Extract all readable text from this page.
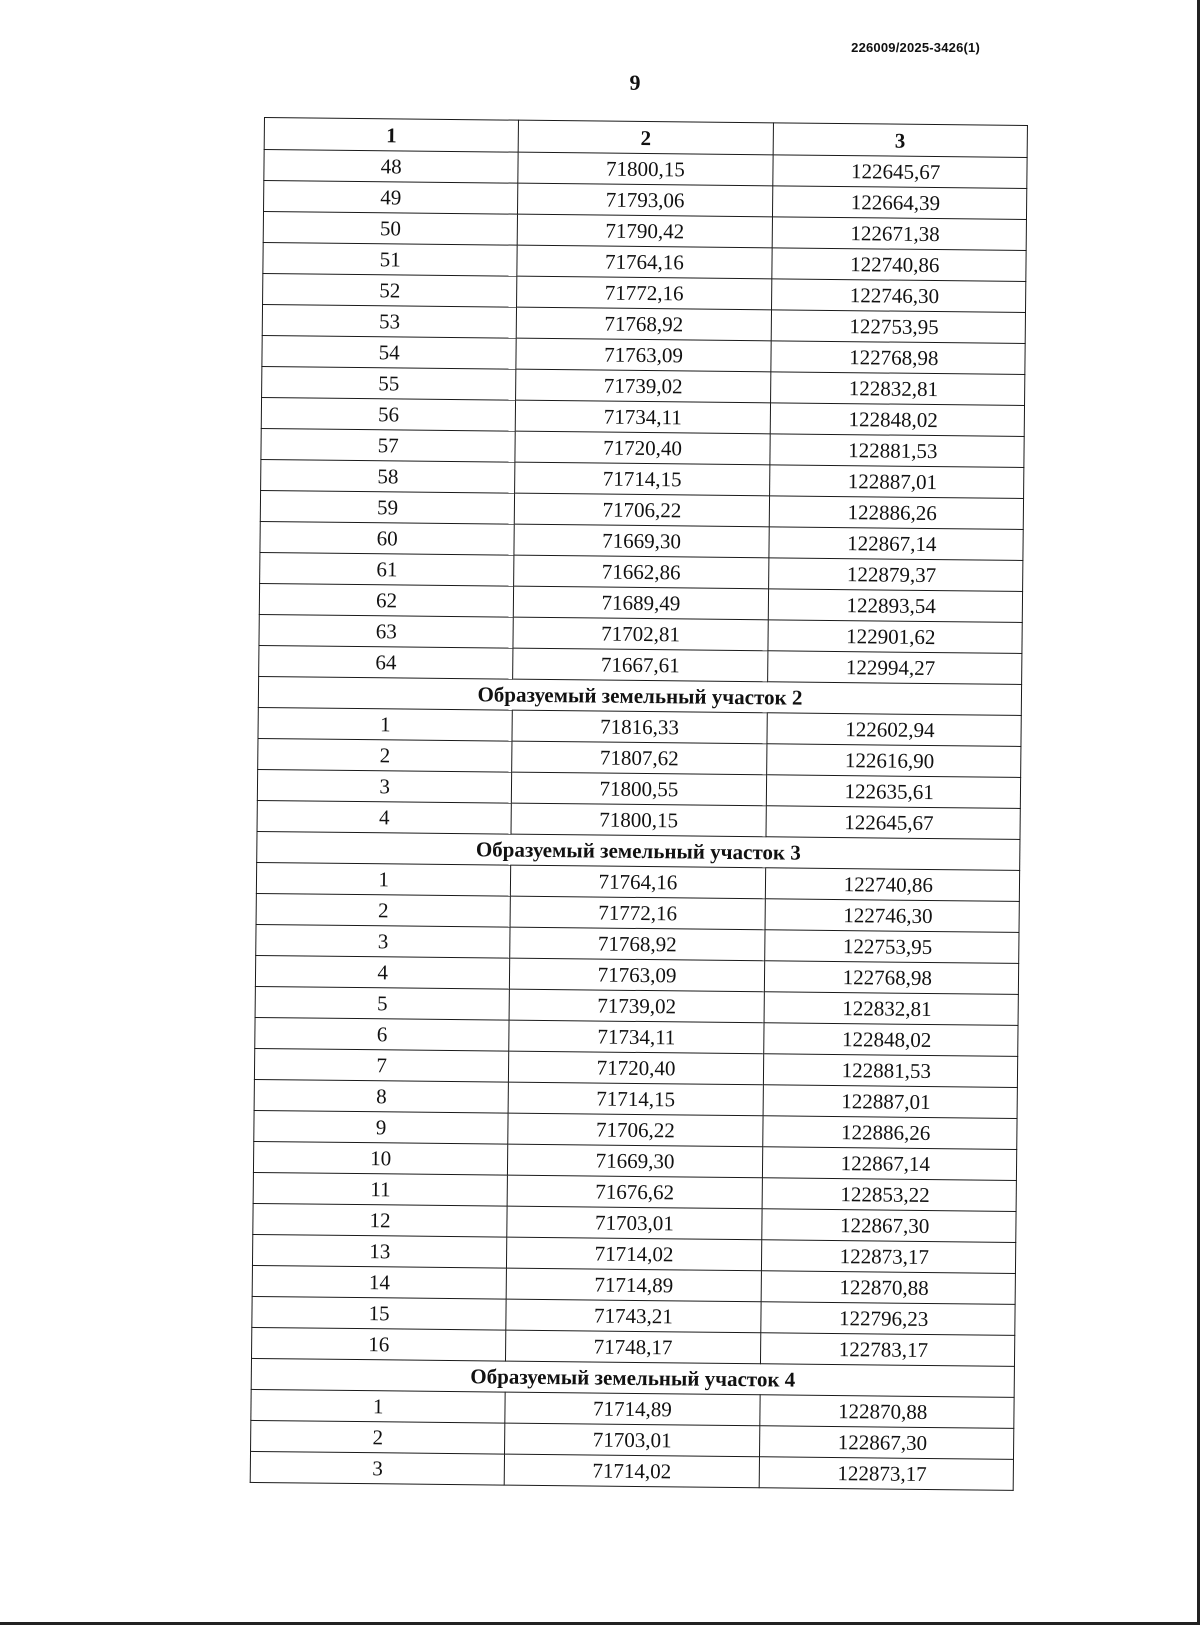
226009/2025-3426(1)
9
1	2	3
48	71800,15	122645,67
49	71793,06	122664,39
50	71790,42	122671,38
51	71764,16	122740,86
52	71772,16	122746,30
53	71768,92	122753,95
54	71763,09	122768,98
55	71739,02	122832,81
56	71734,11	122848,02
57	71720,40	122881,53
58	71714,15	122887,01
59	71706,22	122886,26
60	71669,30	122867,14
61	71662,86	122879,37
62	71689,49	122893,54
63	71702,81	122901,62
64	71667,61	122994,27
Образуемый земельный участок 2		
1	71816,33	122602,94
2	71807,62	122616,90
3	71800,55	122635,61
4	71800,15	122645,67
Образуемый земельный участок 3		
1	71764,16	122740,86
2	71772,16	122746,30
3	71768,92	122753,95
4	71763,09	122768,98
5	71739,02	122832,81
6	71734,11	122848,02
7	71720,40	122881,53
8	71714,15	122887,01
9	71706,22	122886,26
10	71669,30	122867,14
11	71676,62	122853,22
12	71703,01	122867,30
13	71714,02	122873,17
14	71714,89	122870,88
15	71743,21	122796,23
16	71748,17	122783,17
Образуемый земельный участок 4		
1	71714,89	122870,88
2	71703,01	122867,30
3	71714,02	122873,17
